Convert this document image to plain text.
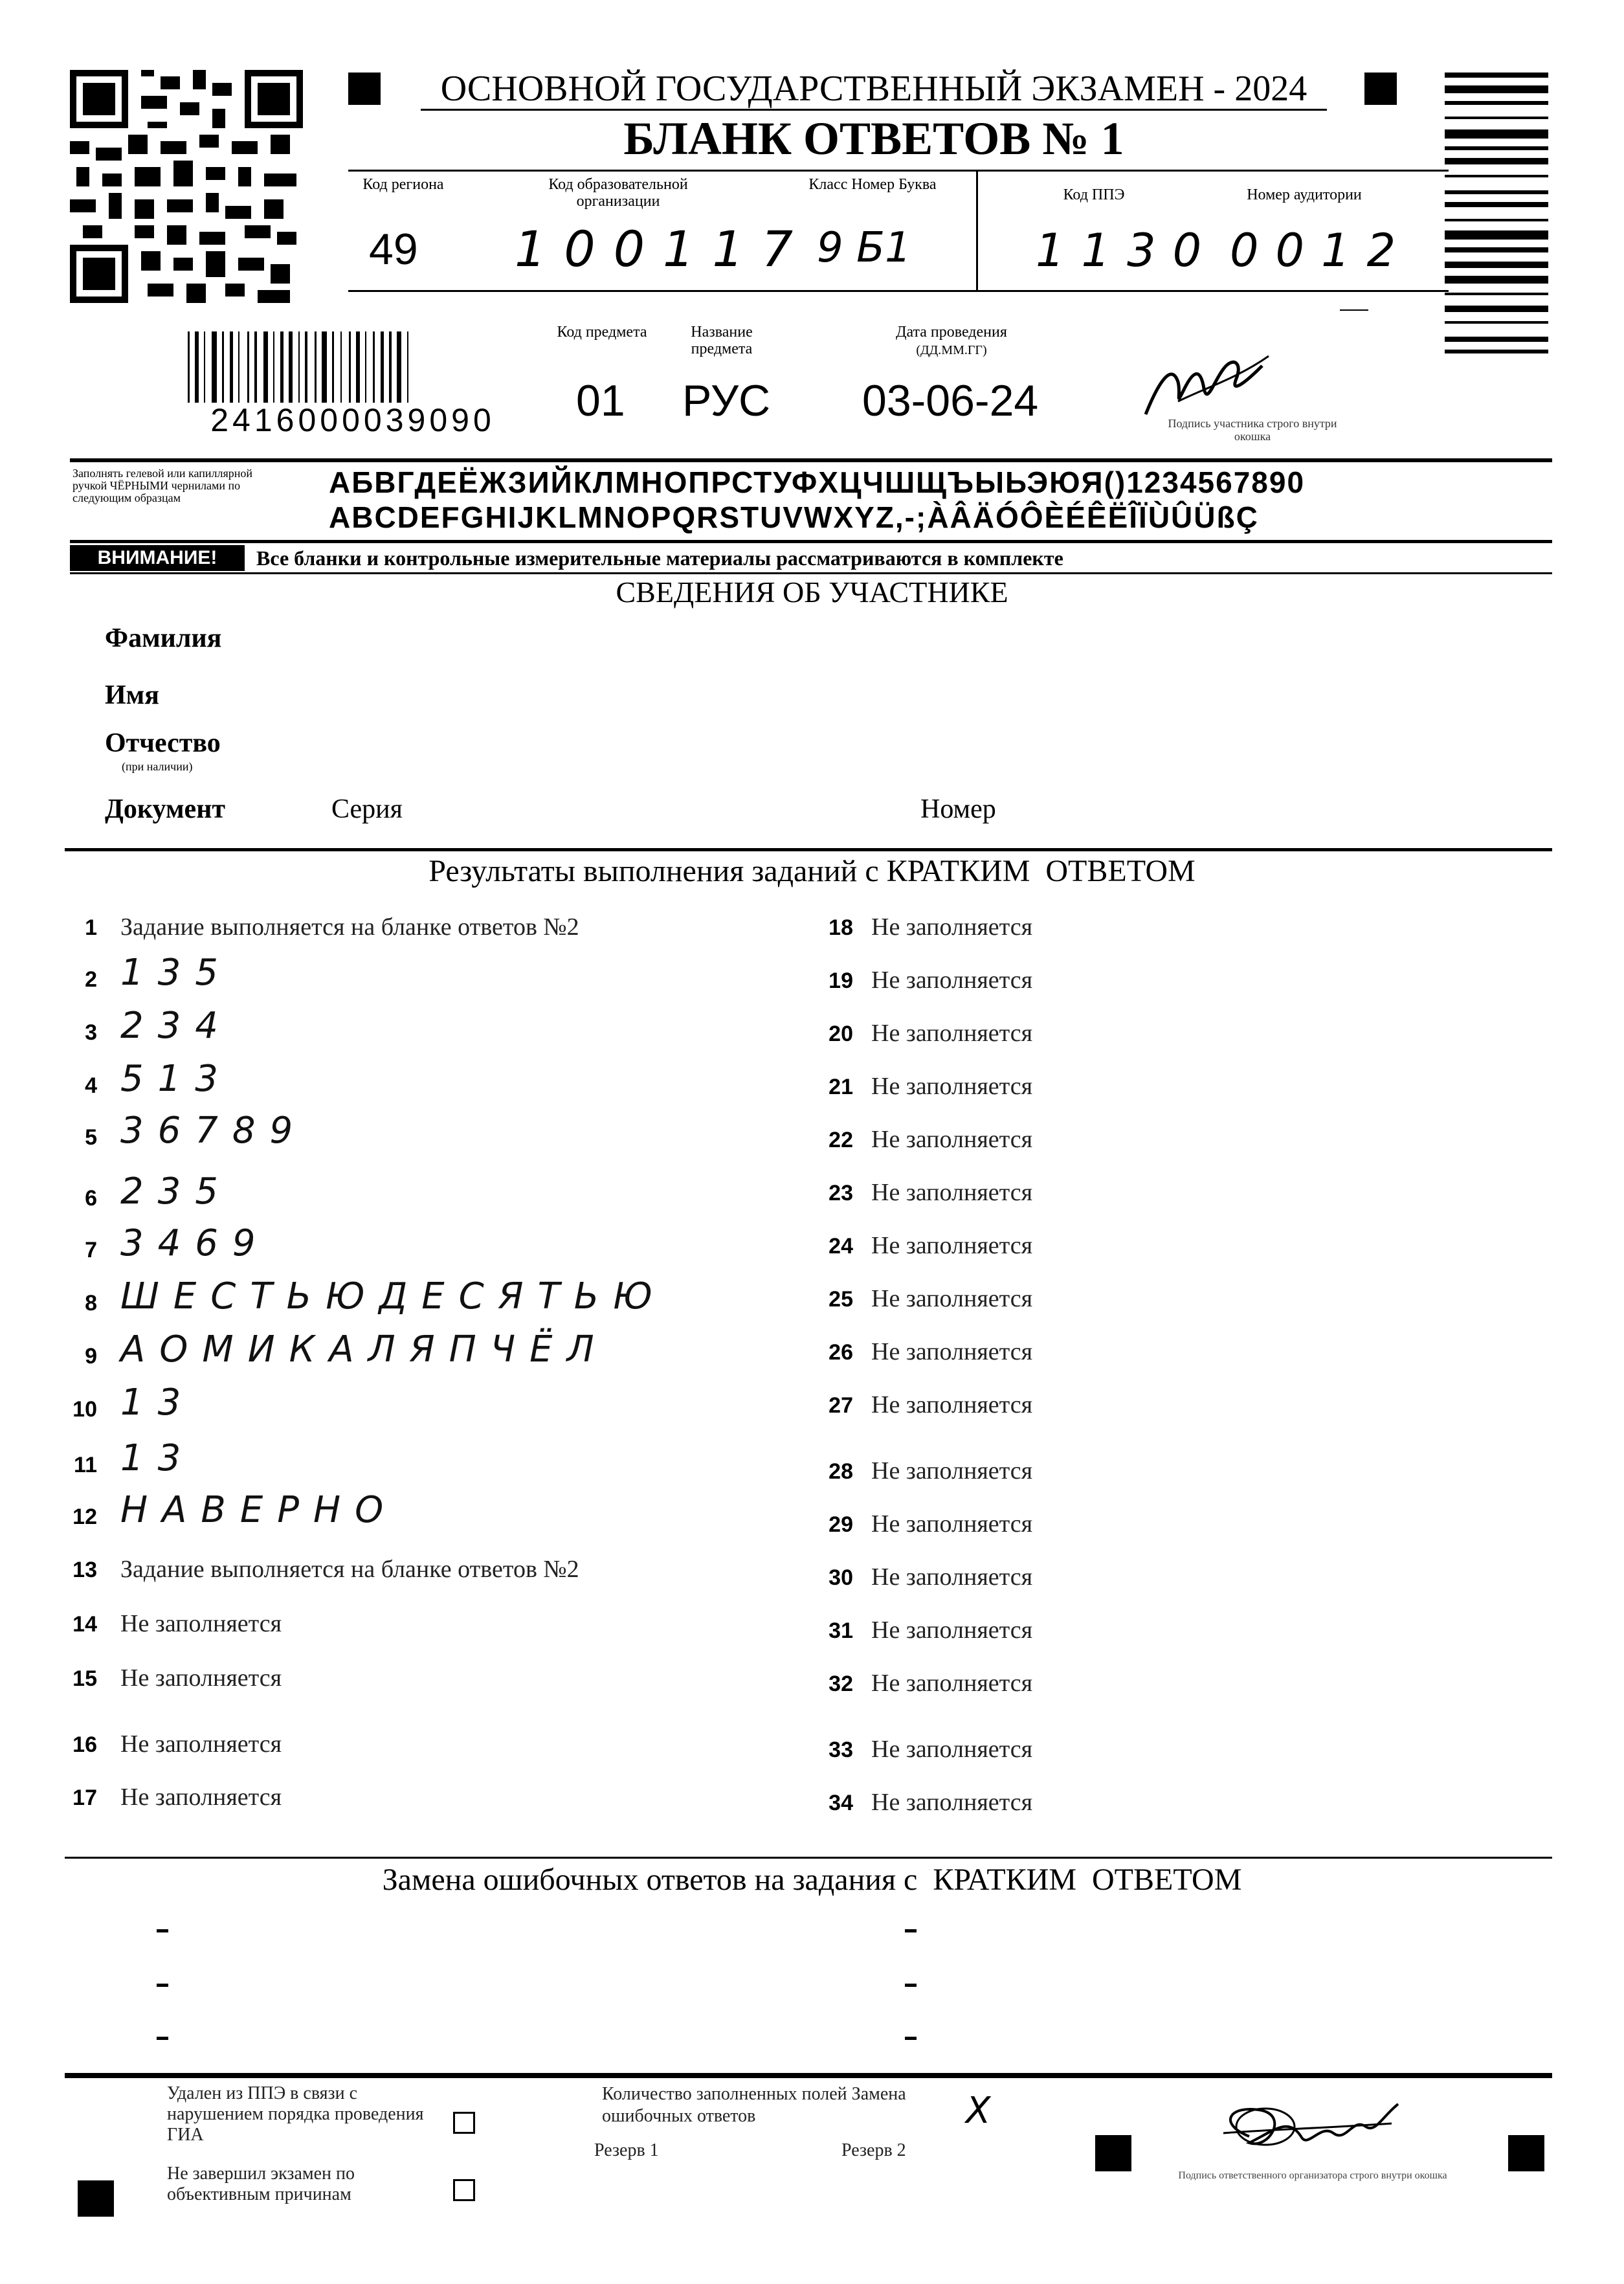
ОСНОВНОЙ ГОСУДАРСТВЕННЫЙ ЭКЗАМЕН - 2024
БЛАНК ОТВЕТОВ № 1
Код региона
49
Код образовательной организации
100117
Класс Номер Буква
9 Б1
Код ППЭ
1130
Номер аудитории
0012
2416000039090
Код предмета
01
Название предмета
РУС
Дата проведения
(ДД.ММ.ГГ)
03-06-24	Подпись участника строго внутри окошка
Заполнять гелевой или капиллярной ручкой ЧЁРНЫМИ чернилами по следующим образцам	АБВГДЕЁЖЗИЙКЛМНОПРСТУФХЦЧШЩЪЫЬЭЮЯ()1234567890
ABCDEFGHIJKLMNOPQRSTUVWXYZ,-;ÀÂÄÓÔÈÉÊËÎÏÙÛÜßÇ
ВНИМАНИЕ!	Все бланки и контрольные измерительные материалы рассматриваются в комплекте
СВЕДЕНИЯ ОБ УЧАСТНИКЕ
Фамилия
Имя
Отчество
(при наличии)
Документ	Серия	Номер
Результаты выполнения заданий с КРАТКИМ  ОТВЕТОМ
1 Задание выполняется на бланке ответов №2
2 135
3 234
4 513
5 36789
6 235
7 3469
8 ШЕСТЬЮДЕСЯТЬЮ
9 АОМИКАЛЯПЧЁЛ
10 13
11 13
12 НАВЕРНО
13 Задание выполняется на бланке ответов №2
14 Не заполняется
15 Не заполняется
16 Не заполняется
17 Не заполняется
18 Не заполняется
19 Не заполняется
20 Не заполняется
21 Не заполняется
22 Не заполняется
23 Не заполняется
24 Не заполняется
25 Не заполняется
26 Не заполняется
27 Не заполняется
28 Не заполняется
29 Не заполняется
30 Не заполняется
31 Не заполняется
32 Не заполняется
33 Не заполняется
34 Не заполняется
Замена ошибочных ответов на задания с  КРАТКИМ  ОТВЕТОМ
Удален из ППЭ в связи с нарушением порядка проведения ГИА
Не завершил экзамен по объективным причинам
Количество заполненных полей Замена ошибочных ответов	X
Резерв 1	Резерв 2
Подпись ответственного организатора строго внутри окошка
